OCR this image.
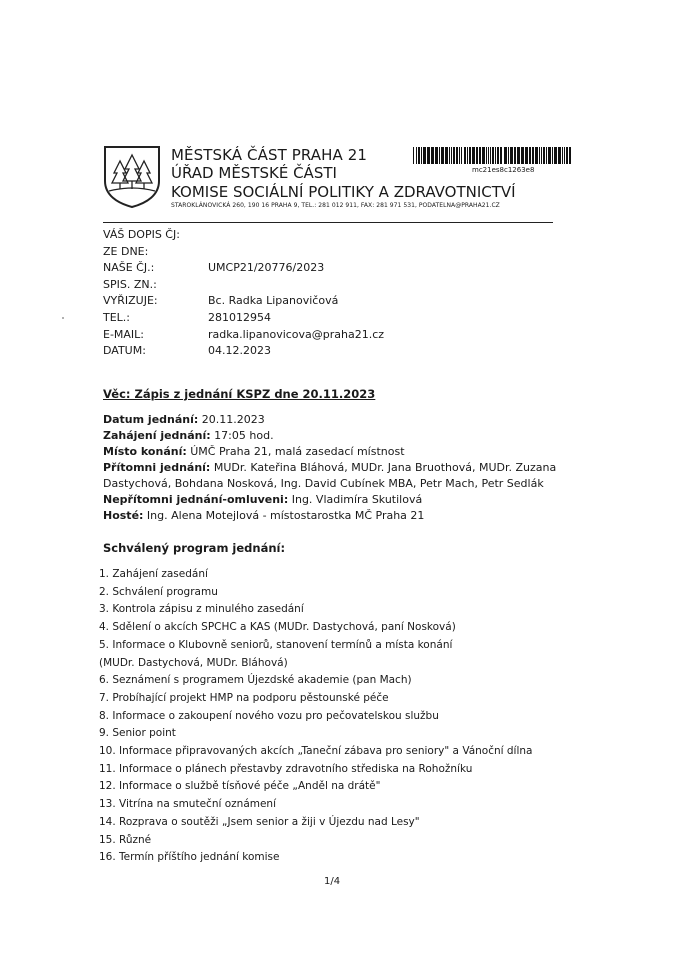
MĚSTSKÁ ČÁST PRAHA 21
ÚŘAD MĚSTSKÉ ČÁSTI
KOMISE SOCIÁLNÍ POLITIKY A ZDRAVOTNICTVÍ
STAROKLÁNOVICKÁ 260, 190 16 PRAHA 9, TEL.: 281 012 911, FAX: 281 971 531, PODATELNA@PRAHA21.CZ
mc21es8c1263e8
VÁŠ DOPIS ČJ:
ZE DNE:
NAŠE ČJ.:	UMCP21/20776/2023
SPIS. ZN.:
VYŘIZUJE:	Bc. Radka Lipanovičová
TEL.:	281012954
E-MAIL:	radka.lipanovicova@praha21.cz
DATUM:	04.12.2023
Věc: Zápis z jednání KSPZ dne 20.11.2023
Datum jednání: 20.11.2023
Zahájení jednání: 17:05 hod.
Místo konání: ÚMČ Praha 21, malá zasedací místnost
Přítomni jednání: MUDr. Kateřina Bláhová, MUDr. Jana Bruothová, MUDr. Zuzana Dastychová, Bohdana Nosková, Ing. David Cubínek MBA, Petr Mach, Petr Sedlák
Nepřítomni jednání-omluveni: Ing. Vladimíra Skutilová
Hosté: Ing. Alena Motejlová - místostarostka MČ Praha 21
Schválený program jednání:
1. Zahájení zasedání
2. Schválení programu
3. Kontrola zápisu z minulého zasedání
4. Sdělení o akcích SPCHC a KAS (MUDr. Dastychová, paní Nosková)
5. Informace o Klubovně seniorů, stanovení termínů a místa konání
(MUDr. Dastychová, MUDr. Bláhová)
6. Seznámení s programem Újezdské akademie (pan Mach)
7. Probíhající projekt HMP na podporu pěstounské péče
8. Informace o zakoupení nového vozu pro pečovatelskou službu
9. Senior point
10. Informace připravovaných akcích „Taneční zábava pro seniory" a Vánoční dílna
11. Informace o plánech přestavby zdravotního střediska na Rohožníku
12. Informace o službě tísňové péče „Anděl na drátě"
13. Vitrína na smuteční oznámení
14. Rozprava o soutěži „Jsem senior a žiji v Újezdu nad Lesy"
15. Různé
16. Termín příštího jednání komise
1/4
